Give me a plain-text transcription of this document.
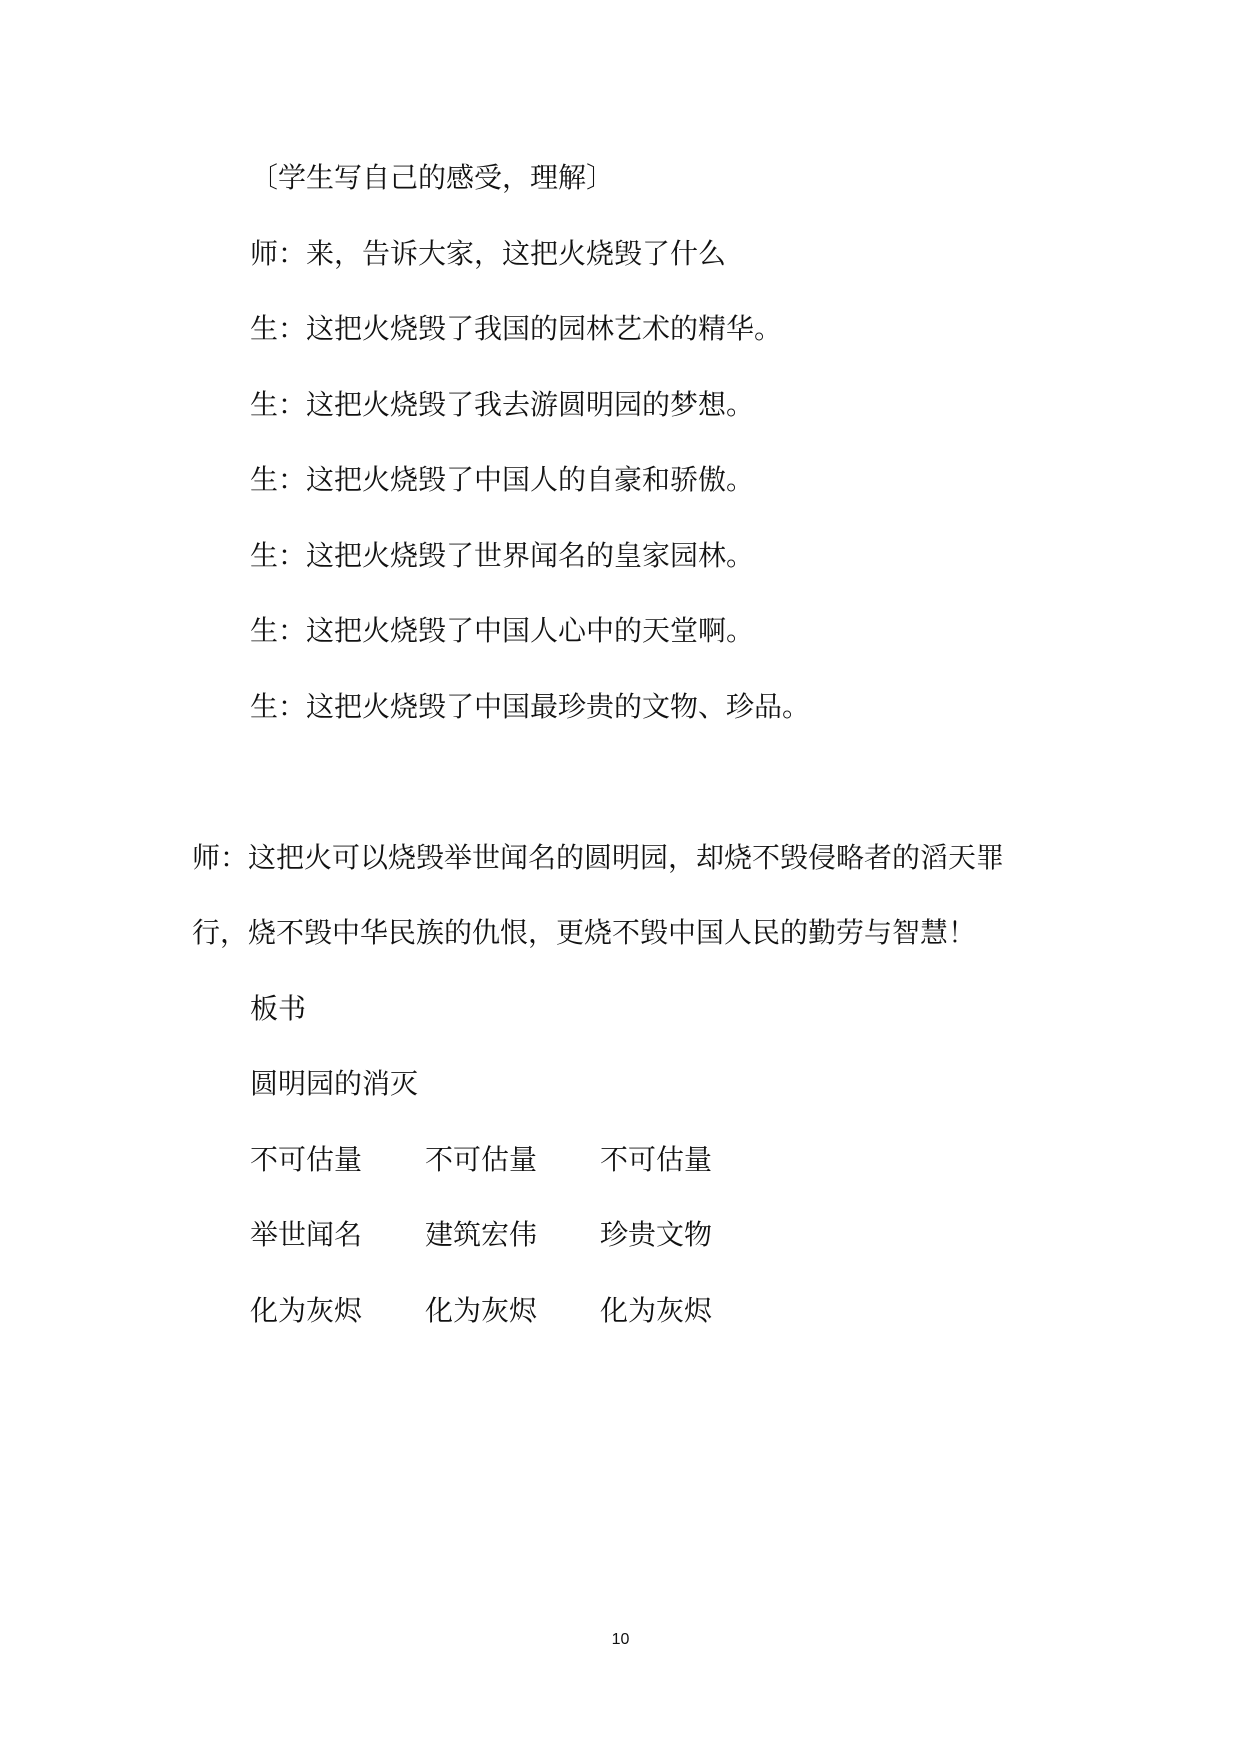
〔学生写自己的感受，理解〕
师：来，告诉大家，这把火烧毁了什么
生：这把火烧毁了我国的园林艺术的精华。
生：这把火烧毁了我去游圆明园的梦想。
生：这把火烧毁了中国人的自豪和骄傲。
生：这把火烧毁了世界闻名的皇家园林。
生：这把火烧毁了中国人心中的天堂啊。
生：这把火烧毁了中国最珍贵的文物、珍品。
师：这把火可以烧毁举世闻名的圆明园，却烧不毁侵略者的滔天罪
行，烧不毁中华民族的仇恨，更烧不毁中国人民的勤劳与智慧！
板书
圆明园的消灭
不可估量	不可估量	不可估量
举世闻名	建筑宏伟	珍贵文物
化为灰烬	化为灰烬	化为灰烬
10
